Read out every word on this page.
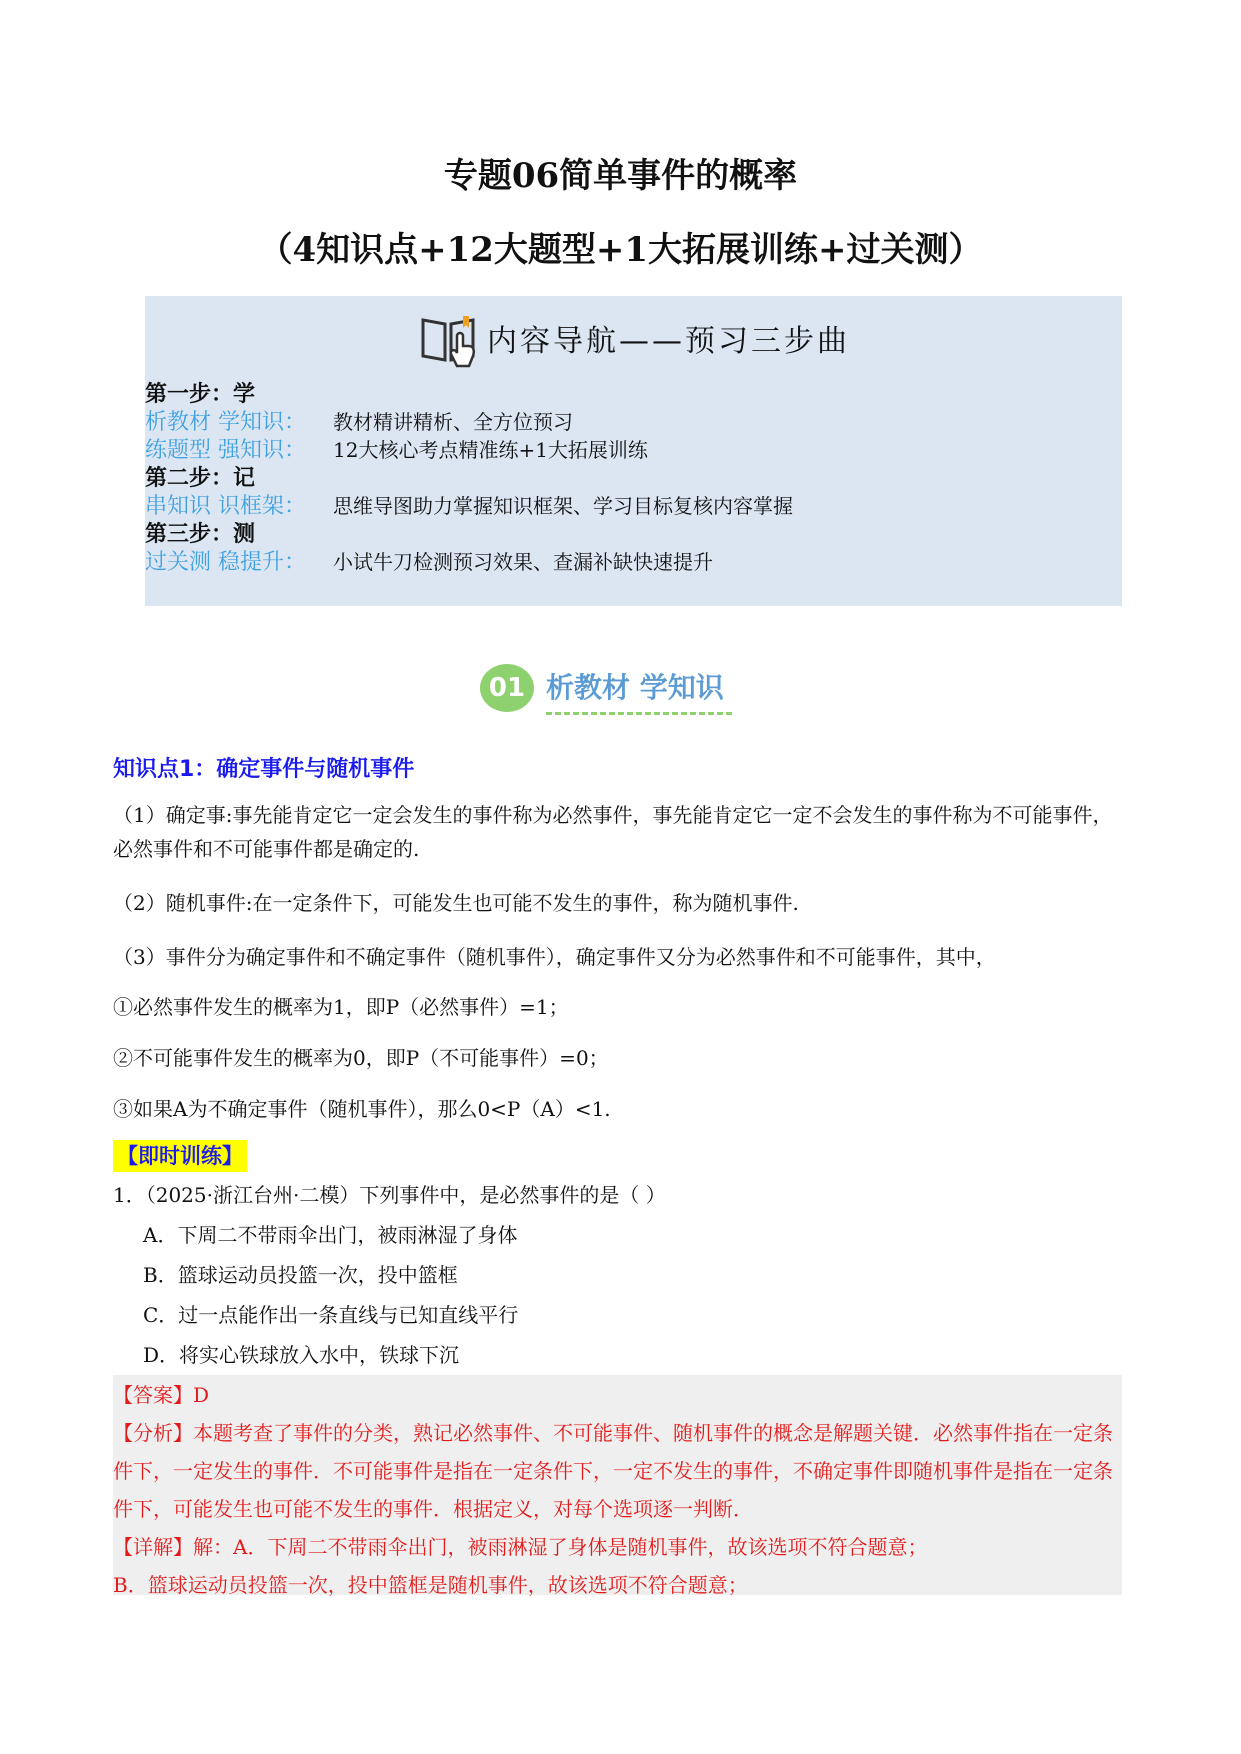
专题06简单事件的概率
（4知识点+12大题型+1大拓展训练+过关测）
内容导航——预习三步曲
第一步：学
析教材 学知识： 教材精讲精析、全方位预习
练题型 强知识： 12大核心考点精准练+1大拓展训练
第二步：记
串知识 识框架： 思维导图助力掌握知识框架、学习目标复核内容掌握
第三步：测
过关测 稳提升： 小试牛刀检测预习效果、查漏补缺快速提升
01 析教材 学知识
知识点1：确定事件与随机事件
（1）确定事:事先能肯定它一定会发生的事件称为必然事件，事先能肯定它一定不会发生的事件称为不可能事件，必然事件和不可能事件都是确定的.
（2）随机事件:在一定条件下，可能发生也可能不发生的事件，称为随机事件.
（3）事件分为确定事件和不确定事件（随机事件），确定事件又分为必然事件和不可能事件，其中，
①必然事件发生的概率为1，即P（必然事件）=1；
②不可能事件发生的概率为0，即P（不可能事件）=0；
③如果A为不确定事件（随机事件），那么0<P（A）<1.
【即时训练】
1．（2025·浙江台州·二模）下列事件中，是必然事件的是（ ）
A．下周二不带雨伞出门，被雨淋湿了身体
B．篮球运动员投篮一次，投中篮框
C．过一点能作出一条直线与已知直线平行
D．将实心铁球放入水中，铁球下沉
【答案】D
【分析】本题考查了事件的分类，熟记必然事件、不可能事件、随机事件的概念是解题关键．必然事件指在一定条件下，一定发生的事件．不可能事件是指在一定条件下，一定不发生的事件，不确定事件即随机事件是指在一定条件下，可能发生也可能不发生的事件．根据定义，对每个选项逐一判断．
【详解】解：A．下周二不带雨伞出门，被雨淋湿了身体是随机事件，故该选项不符合题意；
B．篮球运动员投篮一次，投中篮框是随机事件，故该选项不符合题意；
